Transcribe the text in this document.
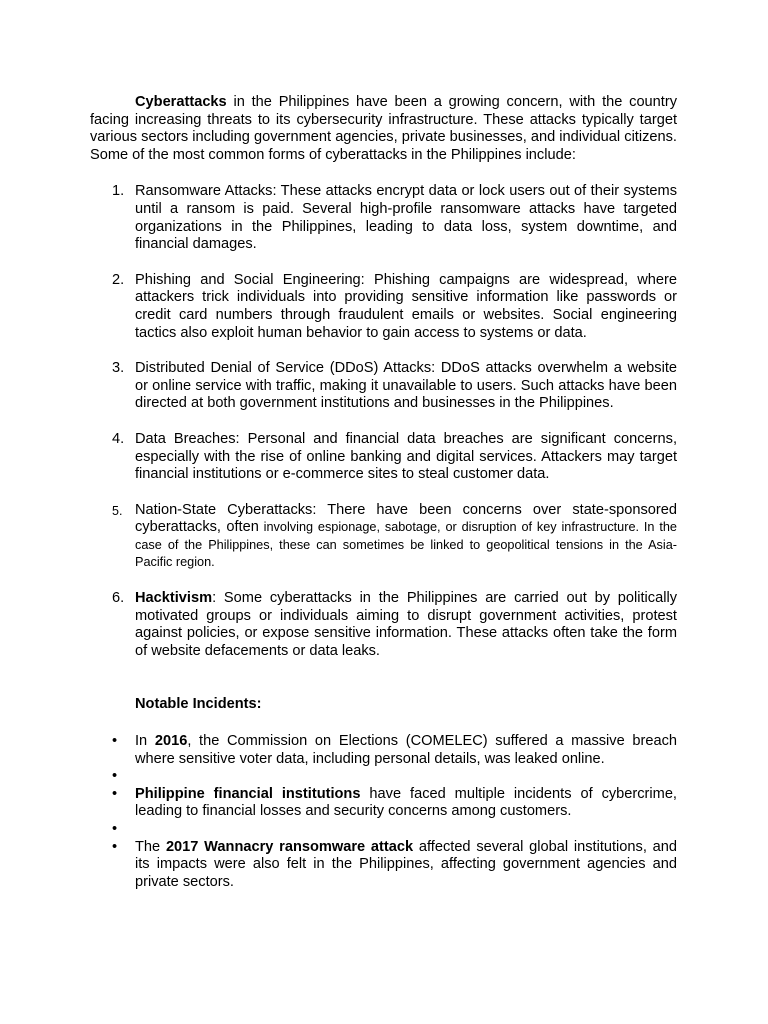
Cyberattacks in the Philippines have been a growing concern, with the country facing increasing threats to its cybersecurity infrastructure. These attacks typically target various sectors including government agencies, private businesses, and individual citizens. Some of the most common forms of cyberattacks in the Philippines include:

1. Ransomware Attacks: These attacks encrypt data or lock users out of their systems until a ransom is paid. Several high-profile ransomware attacks have targeted organizations in the Philippines, leading to data loss, system downtime, and financial damages.
2. Phishing and Social Engineering: Phishing campaigns are widespread, where attackers trick individuals into providing sensitive information like passwords or credit card numbers through fraudulent emails or websites. Social engineering tactics also exploit human behavior to gain access to systems or data.
3. Distributed Denial of Service (DDoS) Attacks: DDoS attacks overwhelm a website or online service with traffic, making it unavailable to users. Such attacks have been directed at both government institutions and businesses in the Philippines.
4. Data Breaches: Personal and financial data breaches are significant concerns, especially with the rise of online banking and digital services. Attackers may target financial institutions or e-commerce sites to steal customer data.
5. Nation-State Cyberattacks: There have been concerns over state-sponsored cyberattacks, often involving espionage, sabotage, or disruption of key infrastructure. In the case of the Philippines, these can sometimes be linked to geopolitical tensions in the Asia-Pacific region.
6. Hacktivism: Some cyberattacks in the Philippines are carried out by politically motivated groups or individuals aiming to disrupt government activities, protest against policies, or expose sensitive information. These attacks often take the form of website defacements or data leaks.
Notable Incidents:
• In 2016, the Commission on Elections (COMELEC) suffered a massive breach where sensitive voter data, including personal details, was leaked online.
•
• Philippine financial institutions have faced multiple incidents of cybercrime, leading to financial losses and security concerns among customers.
•
• The 2017 Wannacry ransomware attack affected several global institutions, and its impacts were also felt in the Philippines, affecting government agencies and private sectors.
